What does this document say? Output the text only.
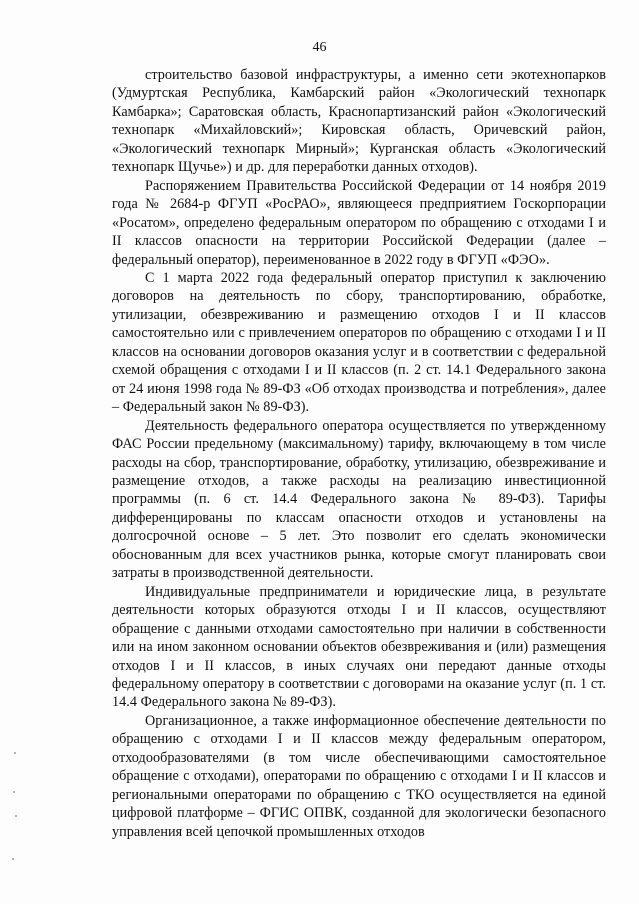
46

строительство базовой инфраструктуры, а именно сети экотехнопарков (Удмуртская Республика, Камбарский район «Экологический технопарк Камбарка»; Саратовская область, Краснопартизанский район «Экологический технопарк «Михайловский»; Кировская область, Оричевский район, «Экологический технопарк Мирный»; Курганская область «Экологический технопарк Щучье») и др. для переработки данных отходов).

Распоряжением Правительства Российской Федерации от 14 ноября 2019 года № 2684-р ФГУП «РосРАО», являющееся предприятием Госкорпорации «Росатом», определено федеральным оператором по обращению с отходами I и II классов опасности на территории Российской Федерации (далее – федеральный оператор), переименованное в 2022 году в ФГУП «ФЭО».

С 1 марта 2022 года федеральный оператор приступил к заключению договоров на деятельность по сбору, транспортированию, обработке, утилизации, обезвреживанию и размещению отходов I и II классов самостоятельно или с привлечением операторов по обращению с отходами I и II классов на основании договоров оказания услуг и в соответствии с федеральной схемой обращения с отходами I и II классов (п. 2 ст. 14.1 Федерального закона от 24 июня 1998 года № 89-ФЗ «Об отходах производства и потребления», далее – Федеральный закон № 89-ФЗ).

Деятельность федерального оператора осуществляется по утвержденному ФАС России предельному (максимальному) тарифу, включающему в том числе расходы на сбор, транспортирование, обработку, утилизацию, обезвреживание и размещение отходов, а также расходы на реализацию инвестиционной программы (п. 6 ст. 14.4 Федерального закона № 89-ФЗ). Тарифы дифференцированы по классам опасности отходов и установлены на долгосрочной основе – 5 лет. Это позволит его сделать экономически обоснованным для всех участников рынка, которые смогут планировать свои затраты в производственной деятельности.

Индивидуальные предприниматели и юридические лица, в результате деятельности которых образуются отходы I и II классов, осуществляют обращение с данными отходами самостоятельно при наличии в собственности или на ином законном основании объектов обезвреживания и (или) размещения отходов I и II классов, в иных случаях они передают данные отходы федеральному оператору в соответствии с договорами на оказание услуг (п. 1 ст. 14.4 Федерального закона № 89-ФЗ).

Организационное, а также информационное обеспечение деятельности по обращению с отходами I и II классов между федеральным оператором, отходообразователями (в том числе обеспечивающими самостоятельное обращение с отходами), операторами по обращению с отходами I и II классов и региональными операторами по обращению с ТКО осуществляется на единой цифровой платформе – ФГИС ОПВК, созданной для экологически безопасного управления всей цепочкой промышленных отходов
